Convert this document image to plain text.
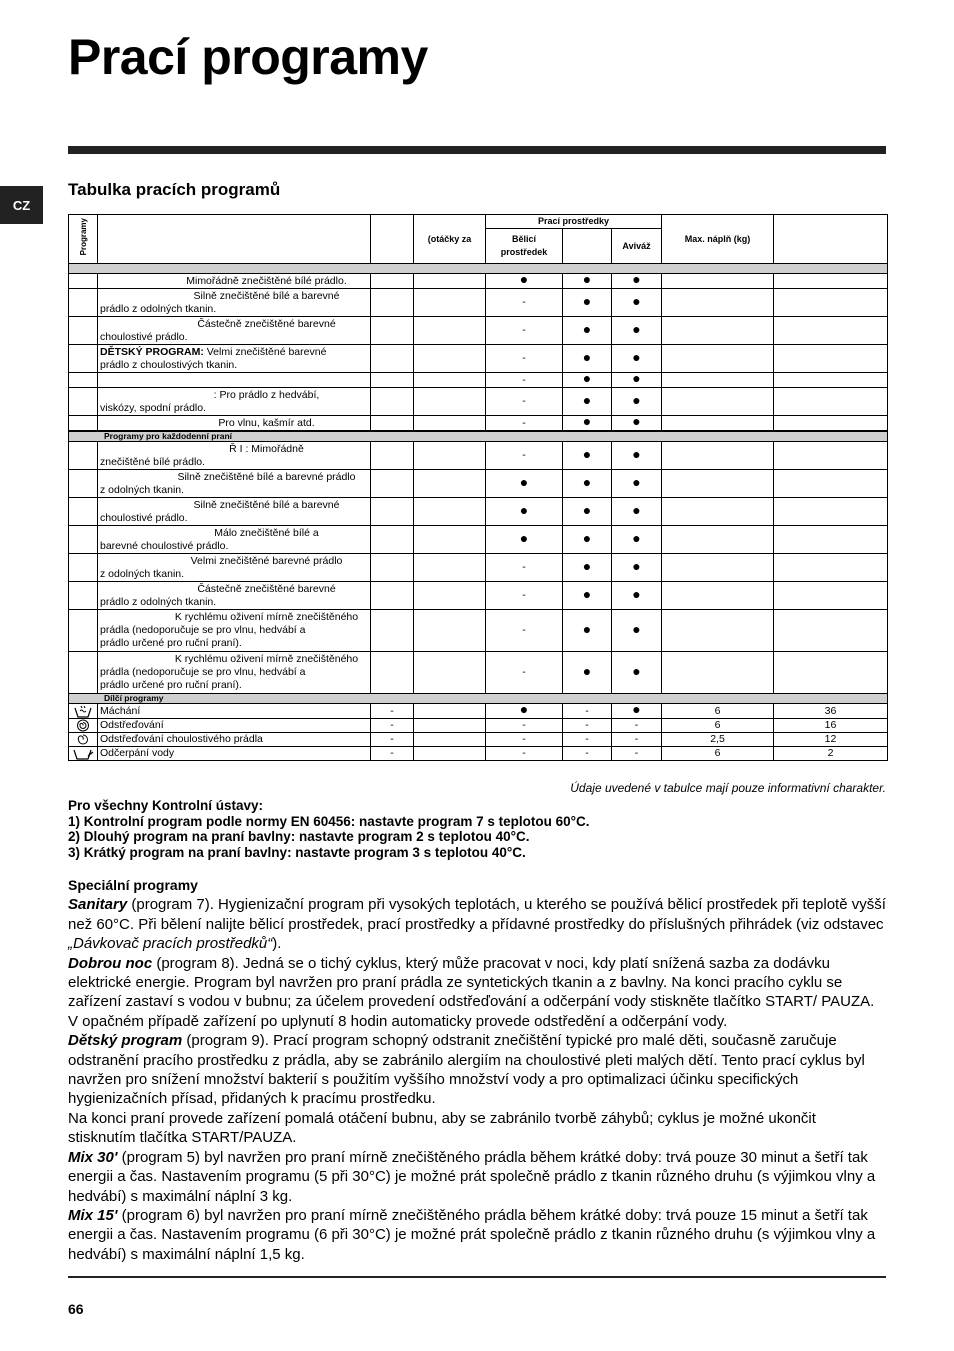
Prací programy
CZ
Tabulka pracích programů
Programy			(otáčky za	Prací prostředky			Max. náplň (kg)	
				Bělicí prostředek		Aviváž		

	Mimořádně znečištěné bílé prádlo.			●	●	●		

	Silně znečištěné bílé a barevné
prádlo z odolných tkanin.			-	●	●		

	Částečně znečištěné barevné
choulostivé prádlo.			-	●	●		

	DĚTSKÝ PROGRAM: Velmi znečištěné barevné
prádlo z choulostivých tkanin.			-	●	●		

			-	●	●		

	: Pro prádlo z hedvábí,
viskózy, spodní prádlo.			-	●	●		

	Pro vlnu, kašmír atd.			-	●	●		
Programy pro každodenní praní								

	Ř I : Mimořádně
znečištěné bílé prádlo.			-	●	●		

	Silně znečištěné bílé a barevné prádlo
z odolných tkanin.			●	●	●		

	Silně znečištěné bílé a barevné
choulostivé prádlo.			●	●	●		

	Málo znečištěné bílé a
barevné choulostivé prádlo.			●	●	●		

	Velmi znečištěné barevné prádlo
z odolných tkanin.			-	●	●		

	Částečně znečištěné barevné
prádlo z odolných tkanin.			-	●	●		

	K rychlému oživení mírně znečištěného
prádla (nedoporučuje se pro vlnu, hedvábí a
prádlo určené pro ruční praní).			-	●	●		

	K rychlému oživení mírně znečištěného
prádla (nedoporučuje se pro vlnu, hedvábí a
prádlo určené pro ruční praní).			-	●	●		
Dílčí programy								

	Máchání	-		●	-	●	6	36

	Odstřeďování	-		-	-	-	6	16

	Odstřeďování choulostivého prádla	-		-	-	-	2,5	12

	Odčerpání vody	-		-	-	-	6	2
Údaje uvedené v tabulce mají pouze informativní charakter.
Pro všechny Kontrolní ústavy:
1) Kontrolní program podle normy EN 60456: nastavte program 7 s teplotou 60°C.
2) Dlouhý program na praní bavlny: nastavte program 2 s teplotou 40°C.
3) Krátký program na praní bavlny: nastavte program 3 s teplotou 40°C.

Speciální programy

Sanitary (program 7). Hygienizační program při vysokých teplotách, u kterého se používá bělicí prostředek při teplotě vyšší než 60°C. Při bělení nalijte bělicí prostředek, prací prostředky a přídavné prostředky do příslušných přihrádek (viz odstavec „Dávkovač pracích prostředků“).

Dobrou noc (program 8). Jedná se o tichý cyklus, který může pracovat v noci, kdy platí snížená sazba za dodávku elektrické energie. Program byl navržen pro praní prádla ze syntetických tkanin a z bavlny. Na konci pracího cyklu se zařízení zastaví s vodou v bubnu; za účelem provedení odstřeďování a odčerpání vody stiskněte tlačítko START/ PAUZA. V opačném případě zařízení po uplynutí 8 hodin automaticky provede odstředění a odčerpání vody.

Dětský program (program 9). Prací program schopný odstranit znečištění typické pro malé děti, současně zaručuje odstranění pracího prostředku z prádla, aby se zabránilo alergiím na choulostivé pleti malých dětí. Tento prací cyklus byl navržen pro snížení množství bakterií s použitím vyššího množství vody a pro optimalizaci účinku specifických hygienizačních přísad, přidaných k pracímu prostředku.

Na konci praní provede zařízení pomalá otáčení bubnu, aby se zabránilo tvorbě záhybů; cyklus je možné ukončit stisknutím tlačítka START/PAUZA.

Mix 30' (program 5) byl navržen pro praní mírně znečištěného prádla během krátké doby: trvá pouze 30 minut a šetří tak energii a čas. Nastavením programu (5 při 30°C) je možné prát společně prádlo z tkanin různého druhu (s výjimkou vlny a hedvábí) s maximální náplní 3 kg.

Mix 15' (program 6) byl navržen pro praní mírně znečištěného prádla během krátké doby: trvá pouze 15 minut a šetří tak energii a čas. Nastavením programu (6 při 30°C) je možné prát společně prádlo z tkanin různého druhu (s výjimkou vlny a hedvábí) s maximální náplní 1,5 kg.

66
